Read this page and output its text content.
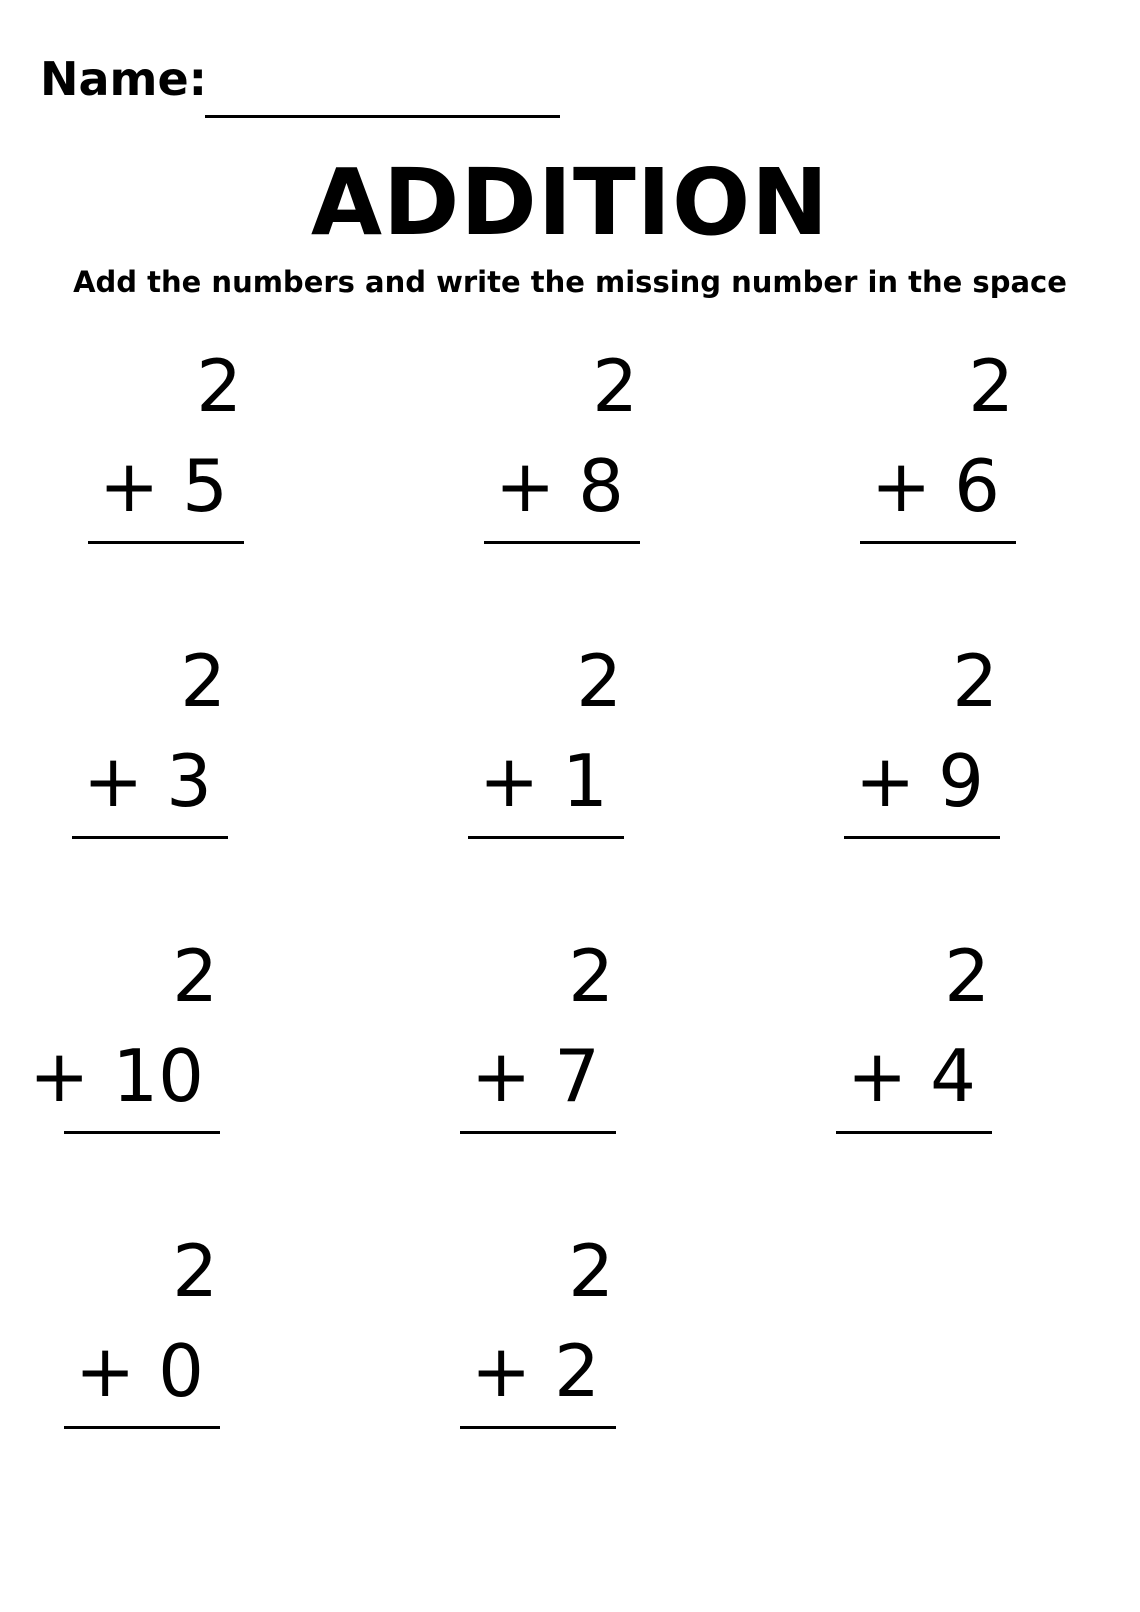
Name:
ADDITION
Add the numbers and write the missing number in the space
2
+ 5
2
+ 8
2
+ 6
2
+ 3
2
+ 1
2
+ 9
2
+ 10
2
+ 7
2
+ 4
2
+ 0
2
+ 2
